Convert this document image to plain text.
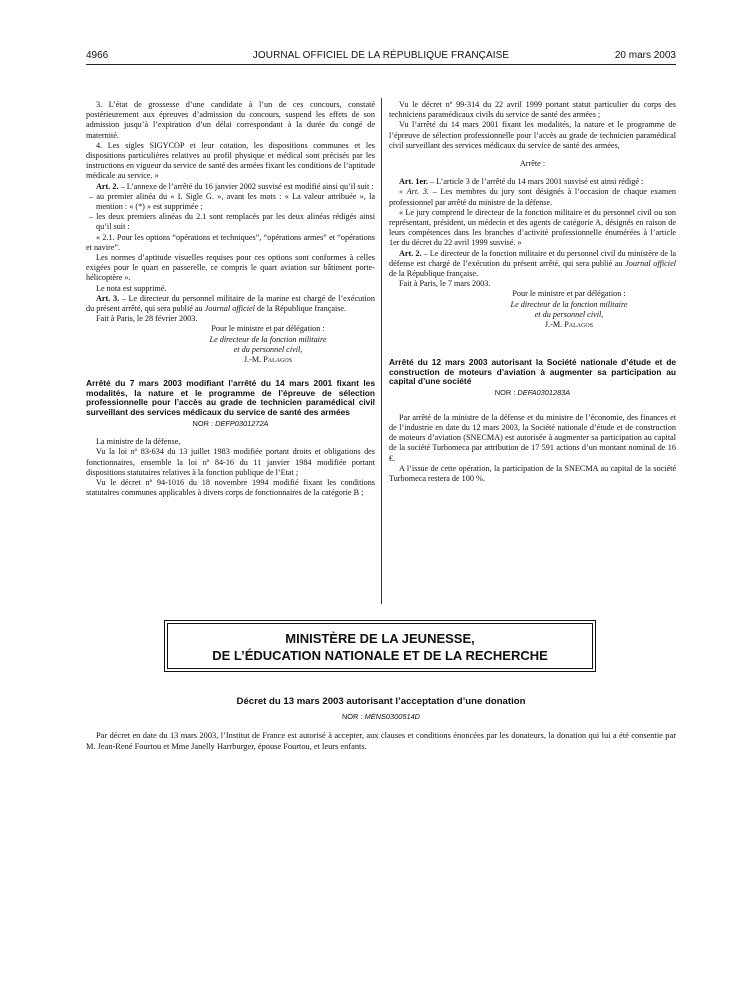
4966	JOURNAL OFFICIEL DE LA RÉPUBLIQUE FRANÇAISE	20 mars 2003

3. L’état de grossesse d’une candidate à l’un de ces concours, constaté postérieurement aux épreuves d’admission du concours, suspend les effets de son admission jusqu’à l’expiration d’un délai correspondant à la durée du congé de maternité.

4. Les sigles SIGYCOP et leur cotation, les dispositions communes et les dispositions particulières relatives au profil physique et médical sont précisés par les instructions en vigueur du service de santé des armées fixant les conditions de l’aptitude médicale au service. »

Art. 2. – L’annexe de l’arrêté du 16 janvier 2002 susvisé est modifié ainsi qu’il suit :

– au premier alinéa du « I. Sigle G. », avant les mots : « La valeur attribuée », la mention : « (*) » est supprimée ;

– les deux premiers alinéas du 2.1 sont remplacés par les deux alinéas rédigés ainsi qu’il suit :

« 2.1. Pour les options “opérations et techniques”, “opérations armes” et “opérations et navire”.

Les normes d’aptitude visuelles requises pour ces options sont conformes à celles exigées pour le quart en passerelle, ce compris le quart aviation sur bâtiment porte-hélicoptère ».

Le nota est supprimé.

Art. 3. – Le directeur du personnel militaire de la marine est chargé de l’exécution du présent arrêté, qui sera publié au Journal officiel de la République française.

Fait à Paris, le 28 février 2003.

Pour le ministre et par délégation :

Le directeur de la fonction militaire

et du personnel civil,

J.-M. Palagos

Arrêté du 7 mars 2003 modifiant l’arrêté du 14 mars 2001 fixant les modalités, la nature et le programme de l’épreuve de sélection professionnelle pour l’accès au grade de technicien paramédical civil surveillant des services médicaux du service de santé des armées

NOR : DEFP0301272A

La ministre de la défense,

Vu la loi nº 83-634 du 13 juillet 1983 modifiée portant droits et obligations des fonctionnaires, ensemble la loi nº 84-16 du 11 janvier 1984 modifiée portant dispositions statutaires relatives à la fonction publique de l’Etat ;

Vu le décret nº 94-1016 du 18 novembre 1994 modifié fixant les conditions statutaires communes applicables à divers corps de fonctionnaires de la catégorie B ;

Vu le décret nº 99-314 du 22 avril 1999 portant statut particulier du corps des techniciens paramédicaux civils du service de santé des armées ;

Vu l’arrêté du 14 mars 2001 fixant les modalités, la nature et le programme de l’épreuve de sélection professionnelle pour l’accès au grade de technicien paramédical civil surveillant des services médicaux du service de santé des armées,

Arrête :

Art. 1er. – L’article 3 de l’arrêté du 14 mars 2001 susvisé est ainsi rédigé :

« Art. 3. – Les membres du jury sont désignés à l’occasion de chaque examen professionnel par arrêté du ministre de la défense.

« Le jury comprend le directeur de la fonction militaire et du personnel civil ou son représentant, président, un médecin et des agents de catégorie A, désignés en raison de leurs compétences dans les branches d’activité professionnelle énumérées à l’article 1er du décret du 22 avril 1999 susvisé. »

Art. 2. – Le directeur de la fonction militaire et du personnel civil du ministère de la défense est chargé de l’exécution du présent arrêté, qui sera publié au Journal officiel de la République française.

Fait à Paris, le 7 mars 2003.

Pour le ministre et par délégation :

Le directeur de la fonction militaire

et du personnel civil,

J.-M. Palagos

Arrêté du 12 mars 2003 autorisant la Société nationale d’étude et de construction de moteurs d’aviation à augmenter sa participation au capital d’une société

NOR : DEFA0301283A

Par arrêté de la ministre de la défense et du ministre de l’économie, des finances et de l’industrie en date du 12 mars 2003, la Société nationale d’étude et de construction de moteurs d’aviation (SNECMA) est autorisée à augmenter sa participation au capital de la société Turbomeca par attribution de 17 591 actions d’un montant nominal de 16 €.

A l’issue de cette opération, la participation de la SNECMA au capital de la société Turbomeca restera de 100 %.

MINISTÈRE DE LA JEUNESSE,
DE L’ÉDUCATION NATIONALE ET DE LA RECHERCHE
Décret du 13 mars 2003 autorisant l’acceptation d’une donation
NOR : MENS0300514D

Par décret en date du 13 mars 2003, l’Institut de France est autorisé à accepter, aux clauses et conditions énoncées par les donateurs, la donation qui lui a été consentie par M. Jean-René Fourtou et Mme Janelly Harrburger, épouse Fourtou, et leurs enfants.
